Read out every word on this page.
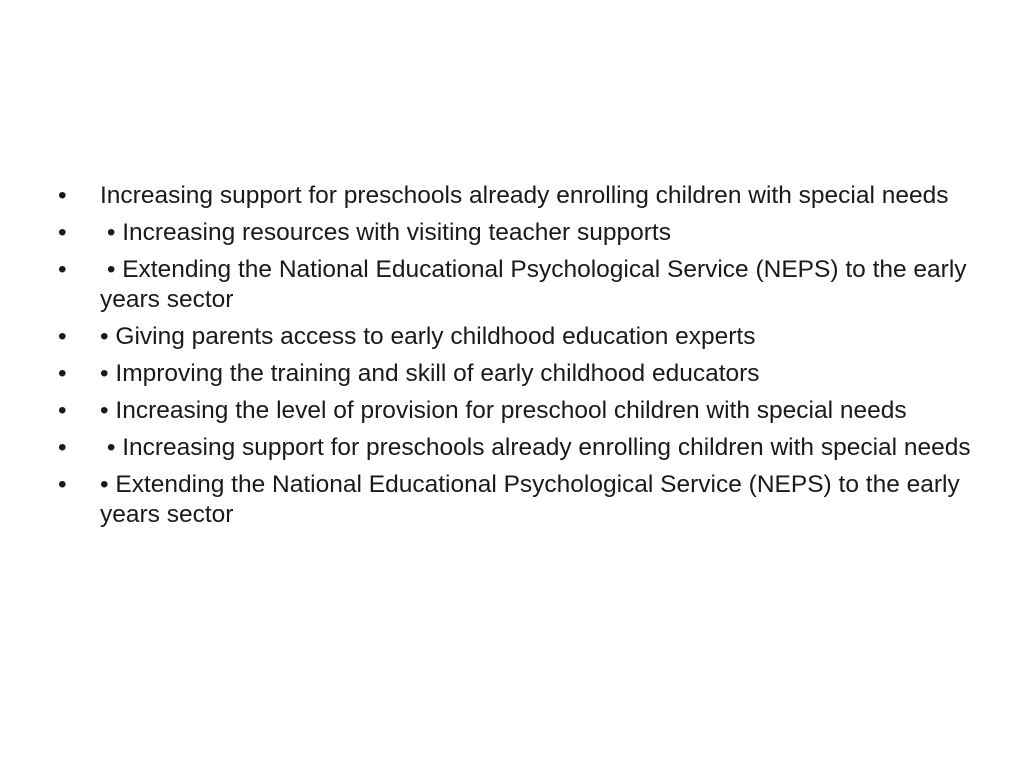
•	Increasing support for preschools already enrolling children with special needs
•	• Increasing resources with visiting teacher supports
•	• Extending the National Educational Psychological Service (NEPS) to the early years sector
•	• Giving parents access to early childhood education experts
•	• Improving the training and skill of early childhood educators
•	• Increasing the level of provision for preschool children with special needs
•	• Increasing support for preschools already enrolling children with special needs
•	• Extending the National Educational Psychological Service (NEPS) to the early years sector
